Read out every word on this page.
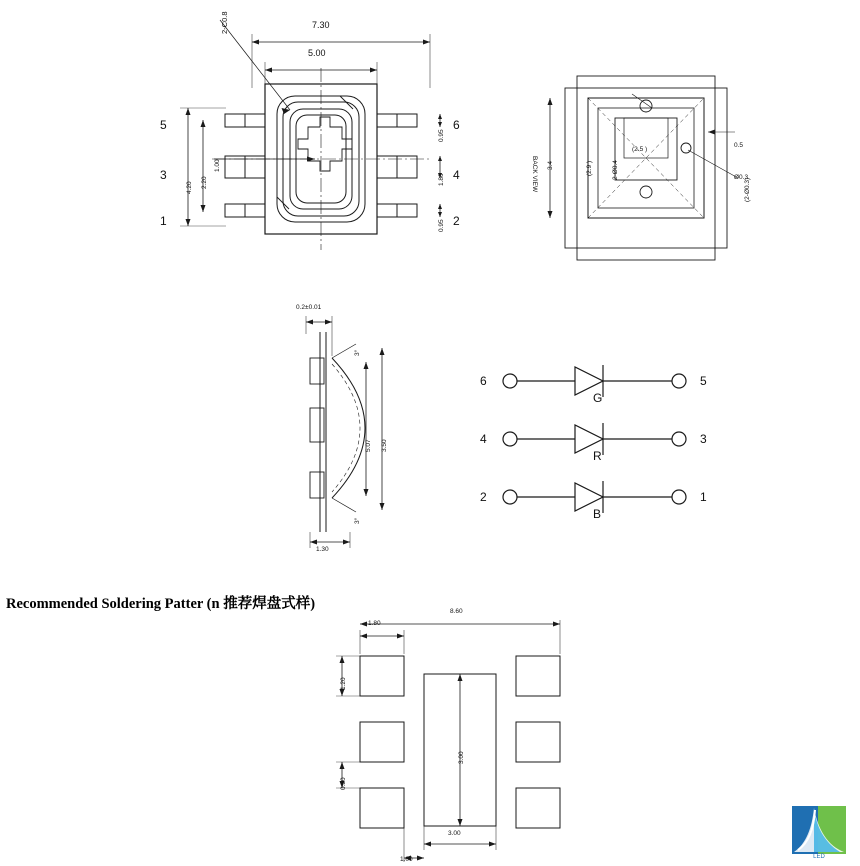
7.30
5.00
2-C0.8
4.20 2.20
1.00
0.95
1.80
0.95
5
3
1
6
4
2
BACK VIEW 3.4	2-Ø0.4
(2.5 )
(2.9 )
0.5
Ø0.3
(2-Ø0.3)
0.2±0.01
5.07 3.50
3°
3°
1.30
6	5
G
4	3
R
2	1
B
Recommended Soldering Patter (n 推荐焊盘式样)
1.80
8.60
1.20
0.50
3.00
3.00
1.00	LED
